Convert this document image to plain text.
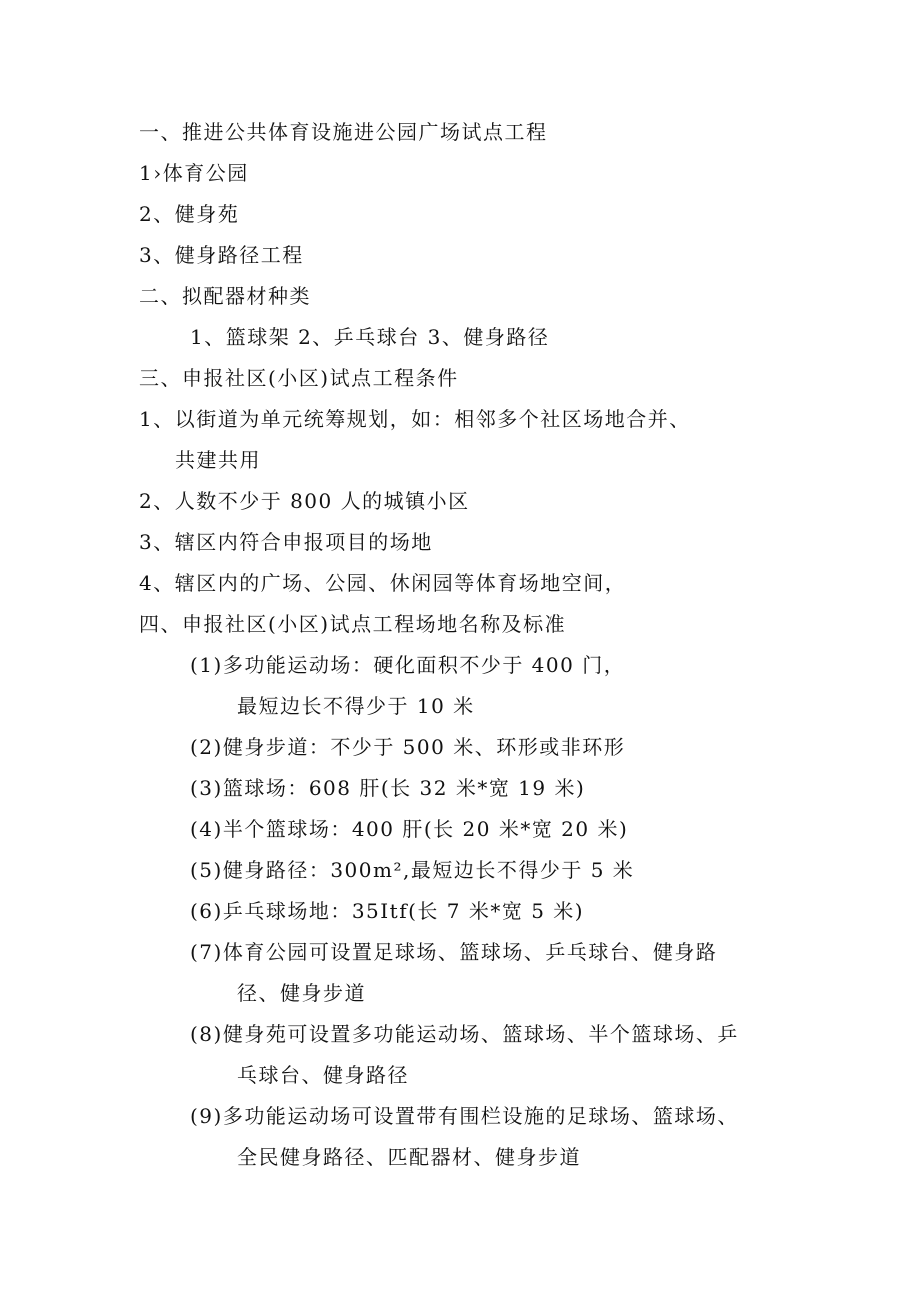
一、推进公共体育设施进公园广场试点工程
1›体育公园
2、健身苑
3、健身路径工程
二、拟配器材种类
1、篮球架 2、乒乓球台 3、健身路径
三、申报社区(小区)试点工程条件
1、以街道为单元统筹规划，如：相邻多个社区场地合并、
共建共用
2、人数不少于 800 人的城镇小区
3、辖区内符合申报项目的场地
4、辖区内的广场、公园、休闲园等体育场地空间，
四、申报社区(小区)试点工程场地名称及标准
(1)多功能运动场：硬化面积不少于 400 门，
最短边长不得少于 10 米
(2)健身步道：不少于 500 米、环形或非环形
(3)篮球场：608 肝(长 32 米*宽 19 米)
(4)半个篮球场：400 肝(长 20 米*宽 20 米)
(5)健身路径：300m²,最短边长不得少于 5 米
(6)乒乓球场地：35Itf(长 7 米*宽 5 米)
(7)体育公园可设置足球场、篮球场、乒乓球台、健身路
径、健身步道
(8)健身苑可设置多功能运动场、篮球场、半个篮球场、乒
乓球台、健身路径
(9)多功能运动场可设置带有围栏设施的足球场、篮球场、
全民健身路径、匹配器材、健身步道
